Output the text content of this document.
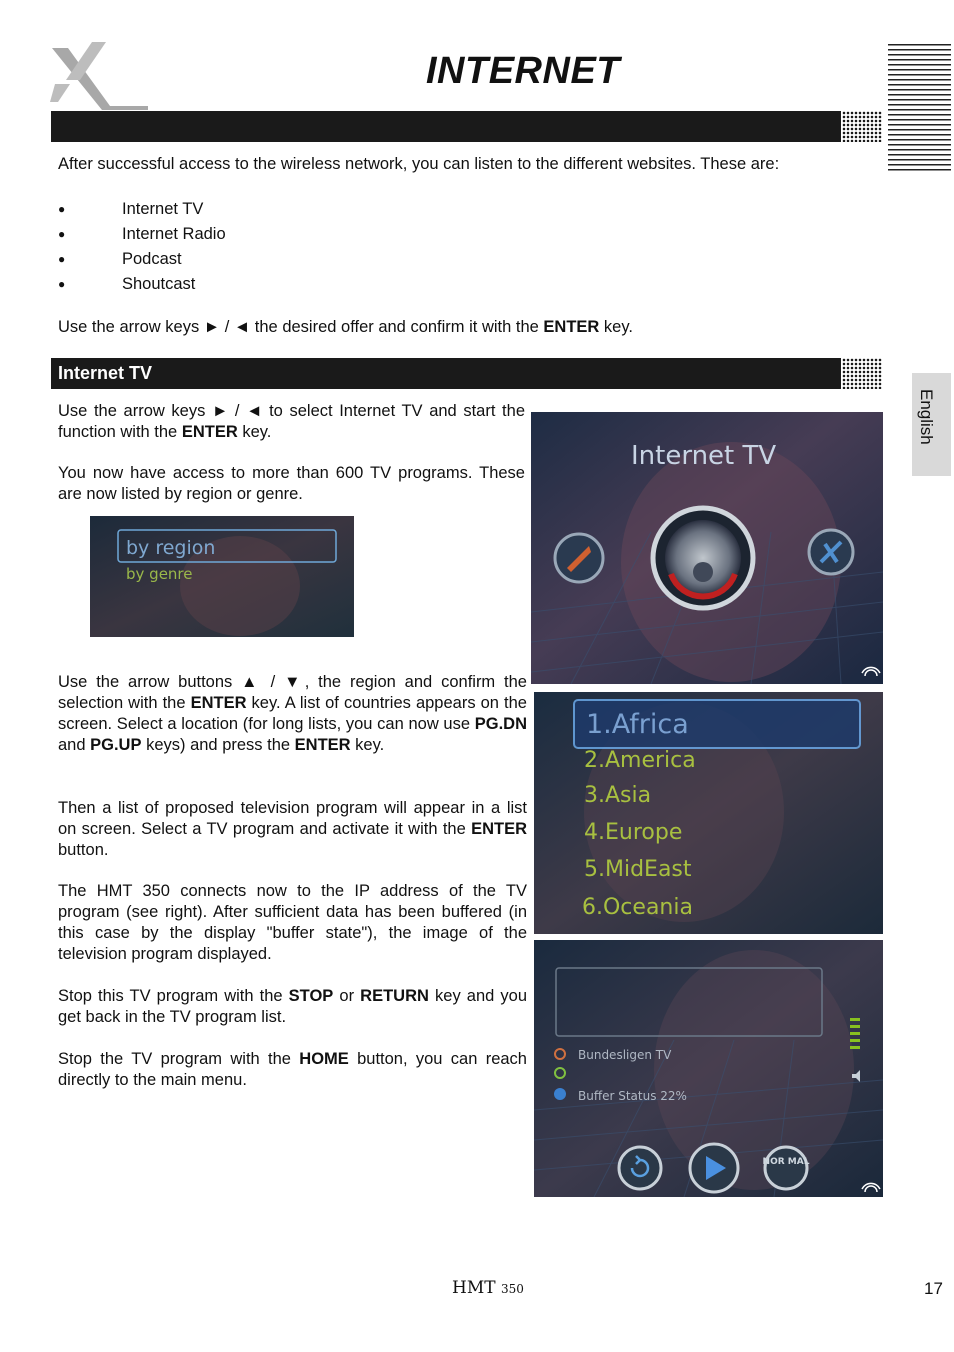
INTERNET
After successful access to the wireless network, you can listen to the different websites. These are:
● Internet TV
● Internet Radio
● Podcast
● Shoutcast
Use the arrow keys ► / ◄ the desired offer and confirm it with the ENTER key.
Internet TV
English
Use the arrow keys ► / ◄ to select Internet TV and start the function with the ENTER key.
You now have access to more than 600 TV programs. These are now listed by region or genre.
by region
by genre
Use the arrow buttons ▲ / ▼, the region and confirm the selection with the ENTER key. A list of countries appears on the screen. Select a location (for long lists, you can now use PG.DN and PG.UP keys) and press the ENTER key.
Then a list of proposed television program will appear in a list on screen. Select a TV program and activate it with the ENTER button.
The HMT 350 connects now to the IP address of the TV program (see right). After sufficient data has been buffered (in this case by the display "buffer state"), the image of the television program displayed.
Stop this TV program with the STOP or RETURN key and you get back in the TV program list.
Stop the TV program with the HOME button, you can reach directly to the main menu.
Internet TV
1.Africa
2.America
3.Asia
4.Europe
5.MidEast
6.Oceania
Bundesligen TV
Buffer Status 22%
NOR MAL
HMT 350	17
